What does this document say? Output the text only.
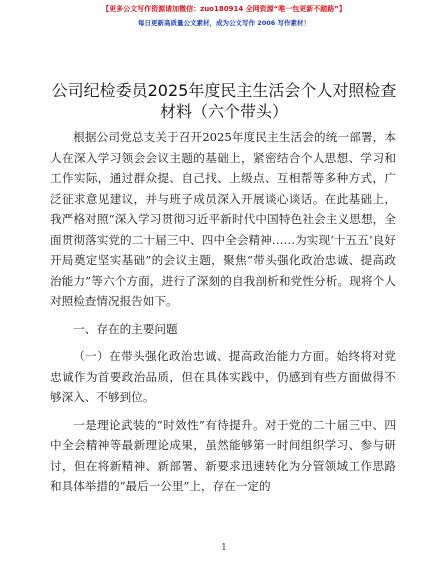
【更多公文写作资源请加微信：zuo180914 全网资源“唯一包更新不踏路”】
每日更新高质量公文素材，成为公文写作 2006 写作素材！
公司纪检委员2025年度民主生活会个人对照检查材料（六个带头）

根据公司党总支关于召开2025年度民主生活会的统一部署，本人在深入学习领会会议主题的基础上，紧密结合个人思想、学习和工作实际，通过群众提、自己找、上级点、互相帮等多种方式，广泛征求意见建议，并与班子成员深入开展谈心谈话。在此基础上，我严格对照“深入学习贯彻习近平新时代中国特色社会主义思想，全面贯彻落实党的二十届三中、四中全会精神……为实现‘十五五’良好开局奠定坚实基础”的会议主题，聚焦“带头强化政治忠诚、提高政治能力”等六个方面，进行了深刻的自我剖析和党性分析。现将个人对照检查情况报告如下。

一、存在的主要问题

（一）在带头强化政治忠诚、提高政治能力方面。始终将对党忠诚作为首要政治品质，但在具体实践中，仍感到有些方面做得不够深入、不够到位。

一是理论武装的“时效性”有待提升。对于党的二十届三中、四中全会精神等最新理论成果，虽然能够第一时间组织学习、参与研讨，但在将新精神、新部署、新要求迅速转化为分管领域工作思路和具体举措的“最后一公里”上，存在一定的

1
